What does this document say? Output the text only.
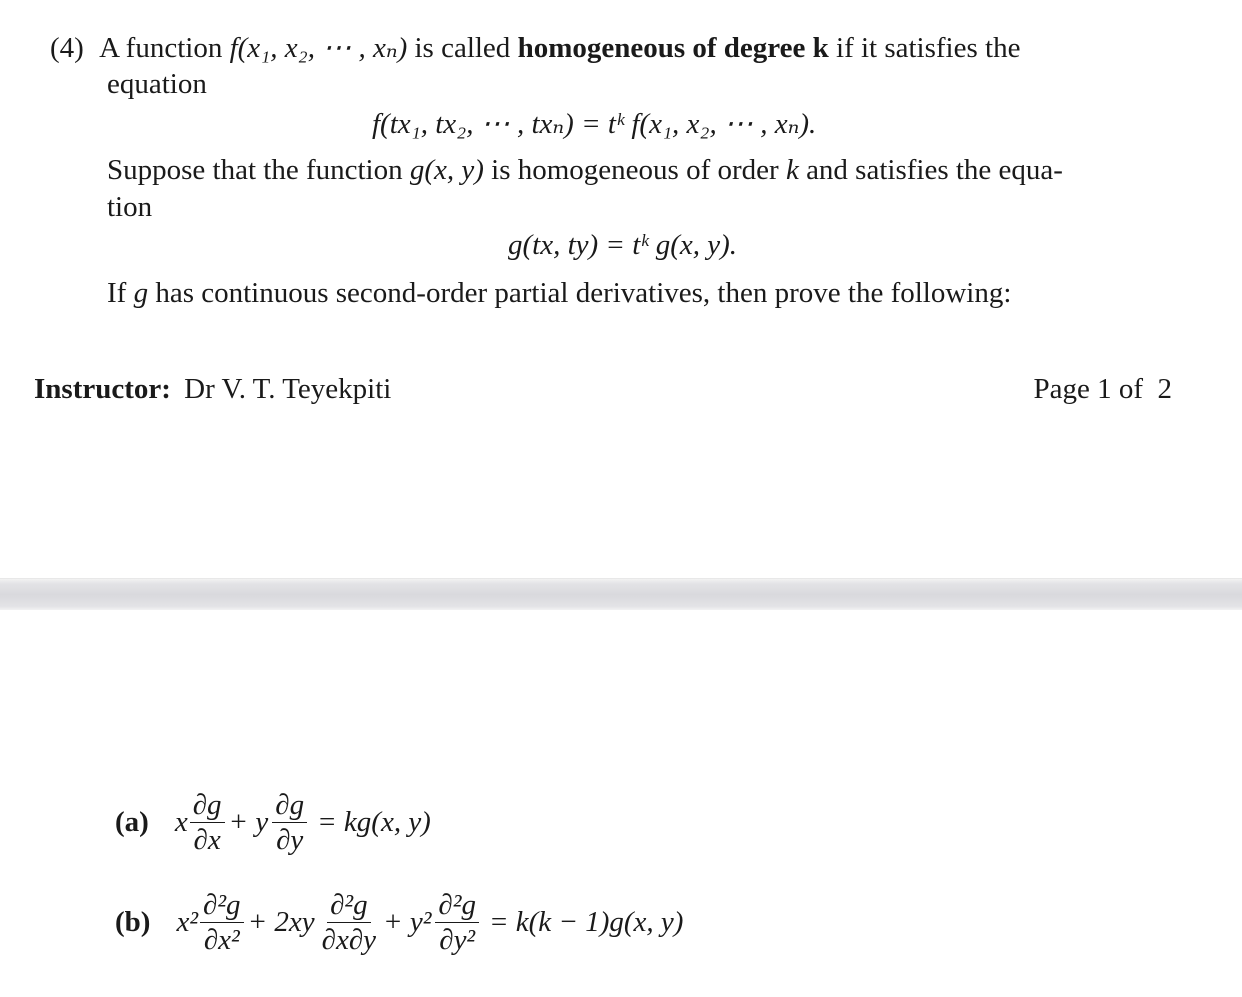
(4) A function f(x₁, x₂, ⋯ , xₙ) is called homogeneous of degree k if it satisfies the
equation
f(tx₁, tx₂, ⋯ , txₙ) = tᵏ f(x₁, x₂, ⋯ , xₙ).
Suppose that the function g(x, y) is homogeneous of order k and satisfies the equa-
tion
g(tx, ty) = tᵏ g(x, y).
If g has continuous second-order partial derivatives, then prove the following:
Instructor: Dr V. T. Teyekpiti	Page 1 of  2
(a) x $\frac{\partial g}{\partial x} + y \frac{\partial g}{\partial y} = kg(x$, y)
(b) $x^2 \frac{\text{∂²g}}{\text{∂x²}} + 2xy \frac{\text{∂²g}}{\partial x\partial y} + y^2 \frac{\text{∂²g}}{\text{∂y²}} = k(k - 1)g(x$, y)
